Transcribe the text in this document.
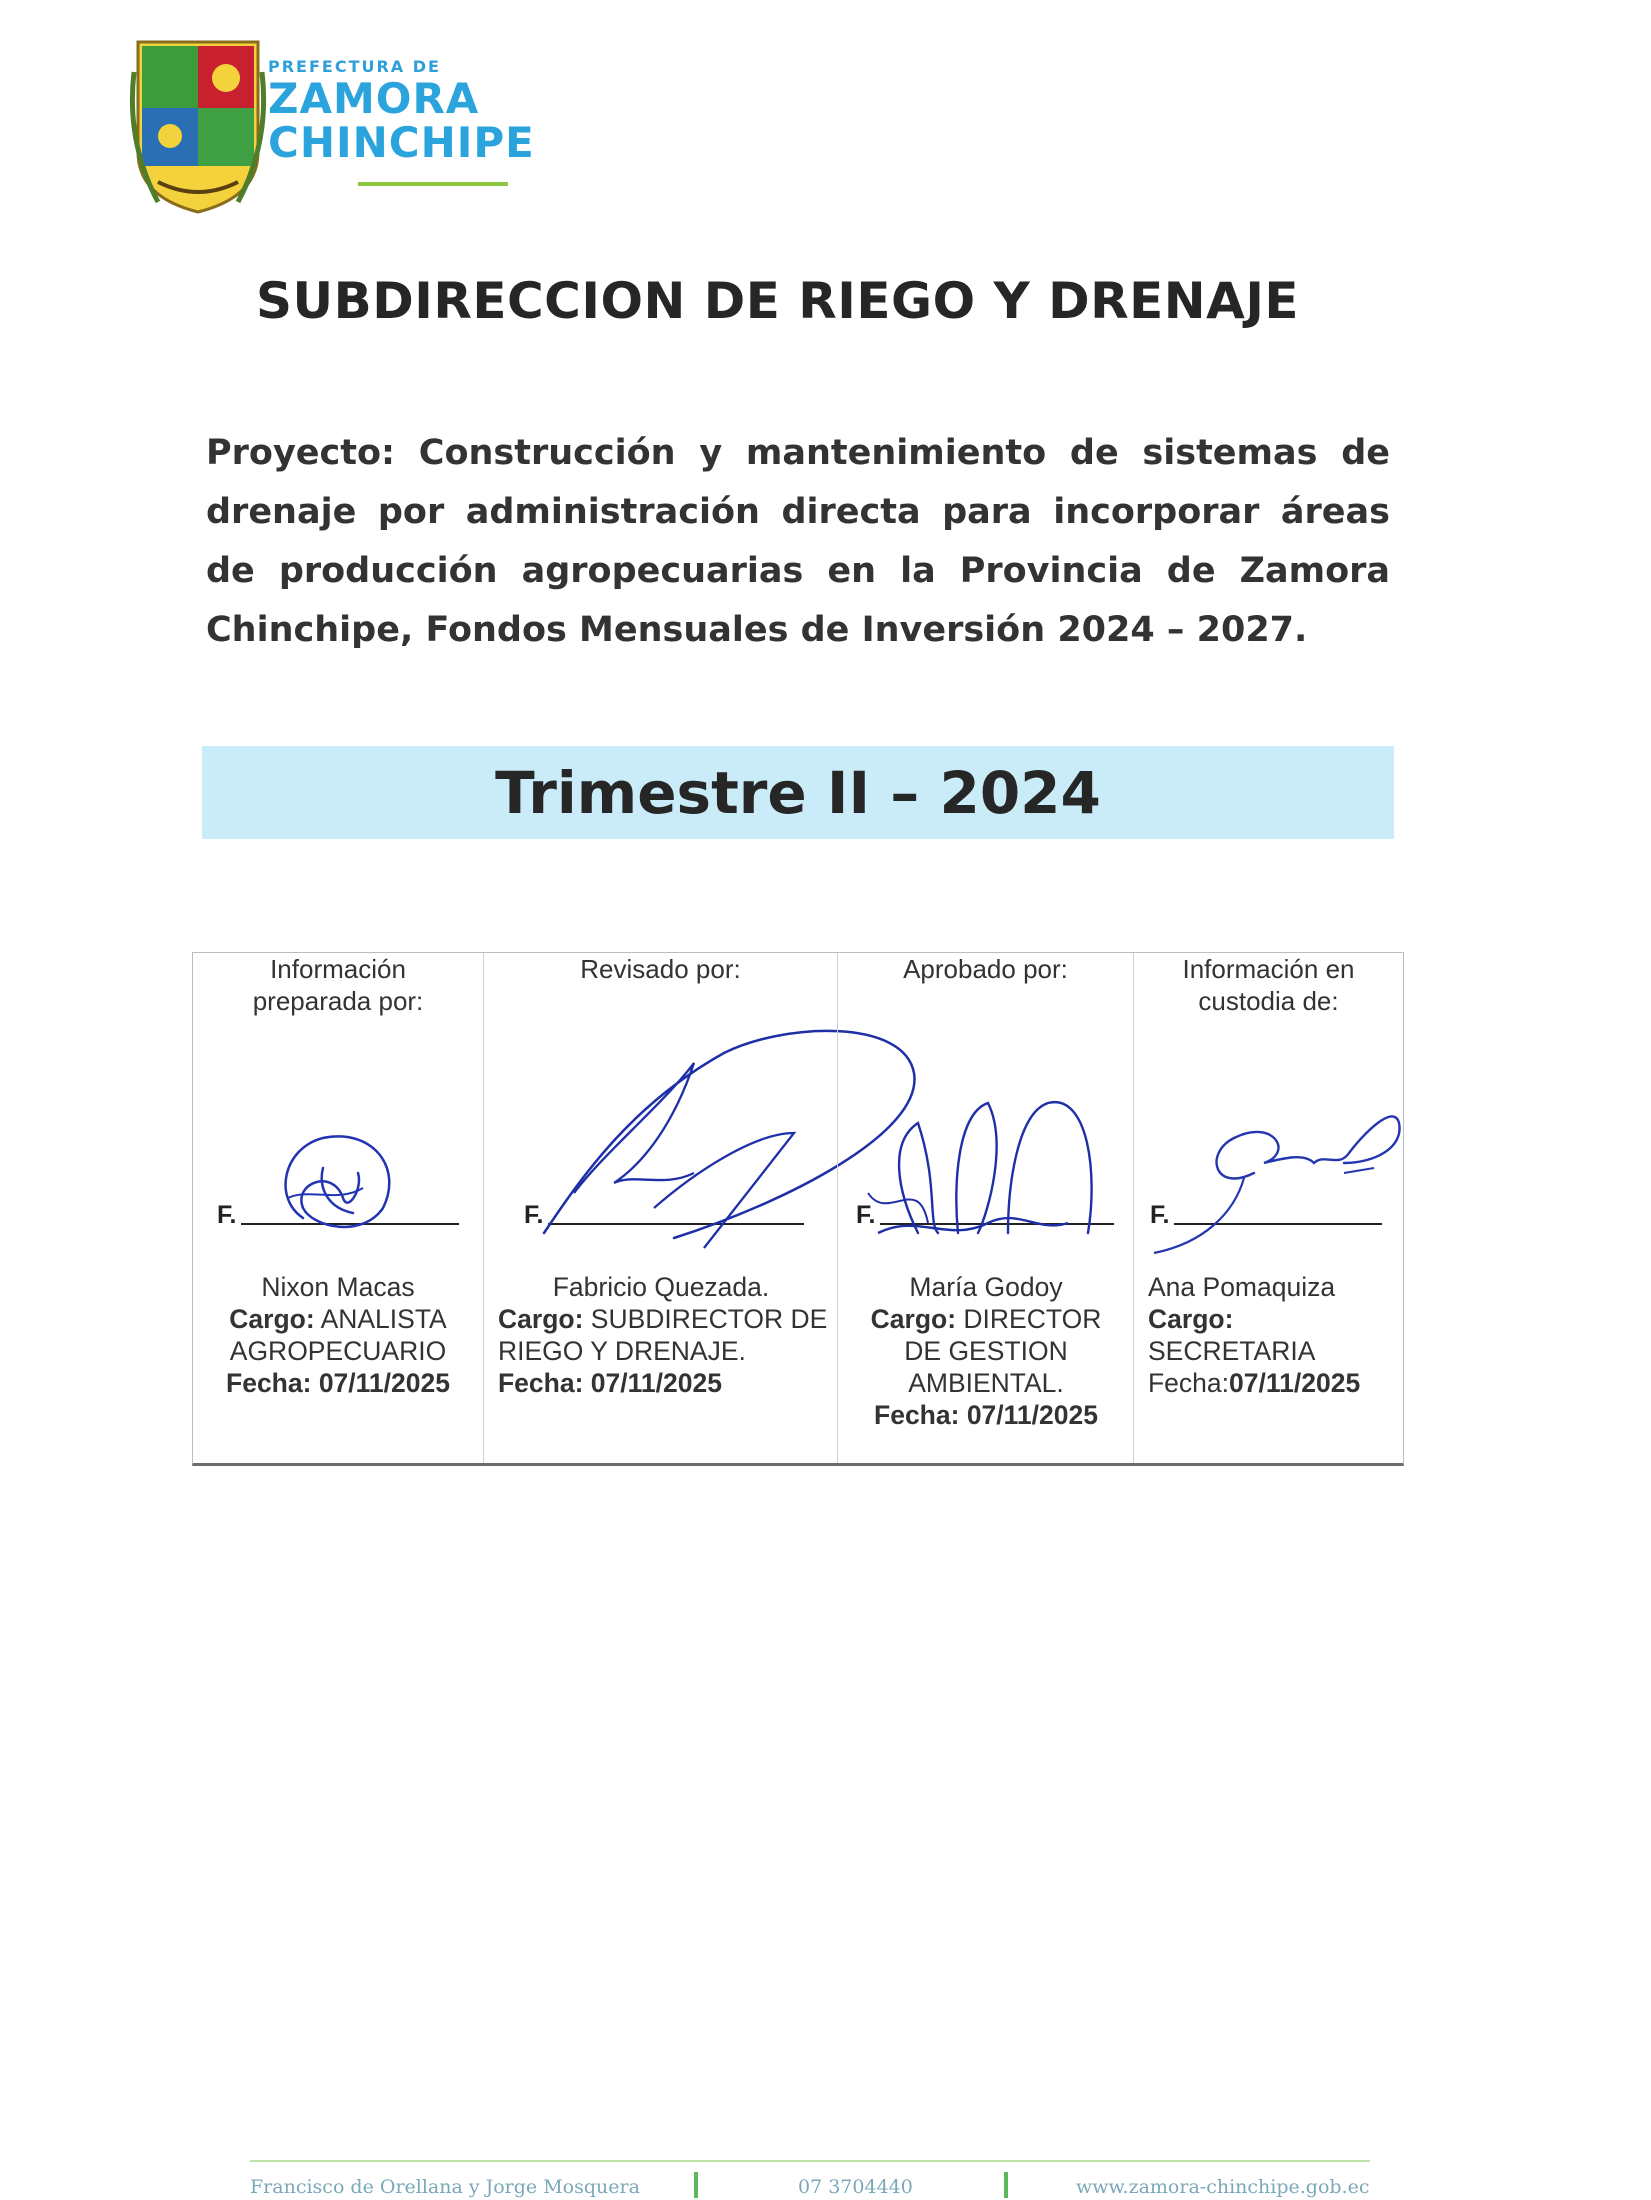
PREFECTURA DE
ZAMORA
CHINCHIPE
SUBDIRECCION DE RIEGO Y DRENAJE
Proyecto: Construcción y mantenimiento de sistemas de drenaje por administración directa para incorporar áreas de producción agropecuarias en la Provincia de Zamora Chinchipe, Fondos Mensuales de Inversión 2024 – 2027.
Trimestre II – 2024
Información preparada por:
F.
Nixon Macas
Cargo: ANALISTA AGROPECUARIO
Fecha: 07/11/2025
Revisado por:
F.
Fabricio Quezada.
Cargo: SUBDIRECTOR DE RIEGO Y DRENAJE.
Fecha: 07/11/2025
Aprobado por:
F.
María Godoy
Cargo: DIRECTOR DE GESTION AMBIENTAL.
Fecha: 07/11/2025
Información en custodia de:
F.
Ana Pomaquiza
Cargo:
SECRETARIA
Fecha:07/11/2025
Francisco de Orellana y Jorge Mosquera	07 3704440	www.zamora-chinchipe.gob.ec
